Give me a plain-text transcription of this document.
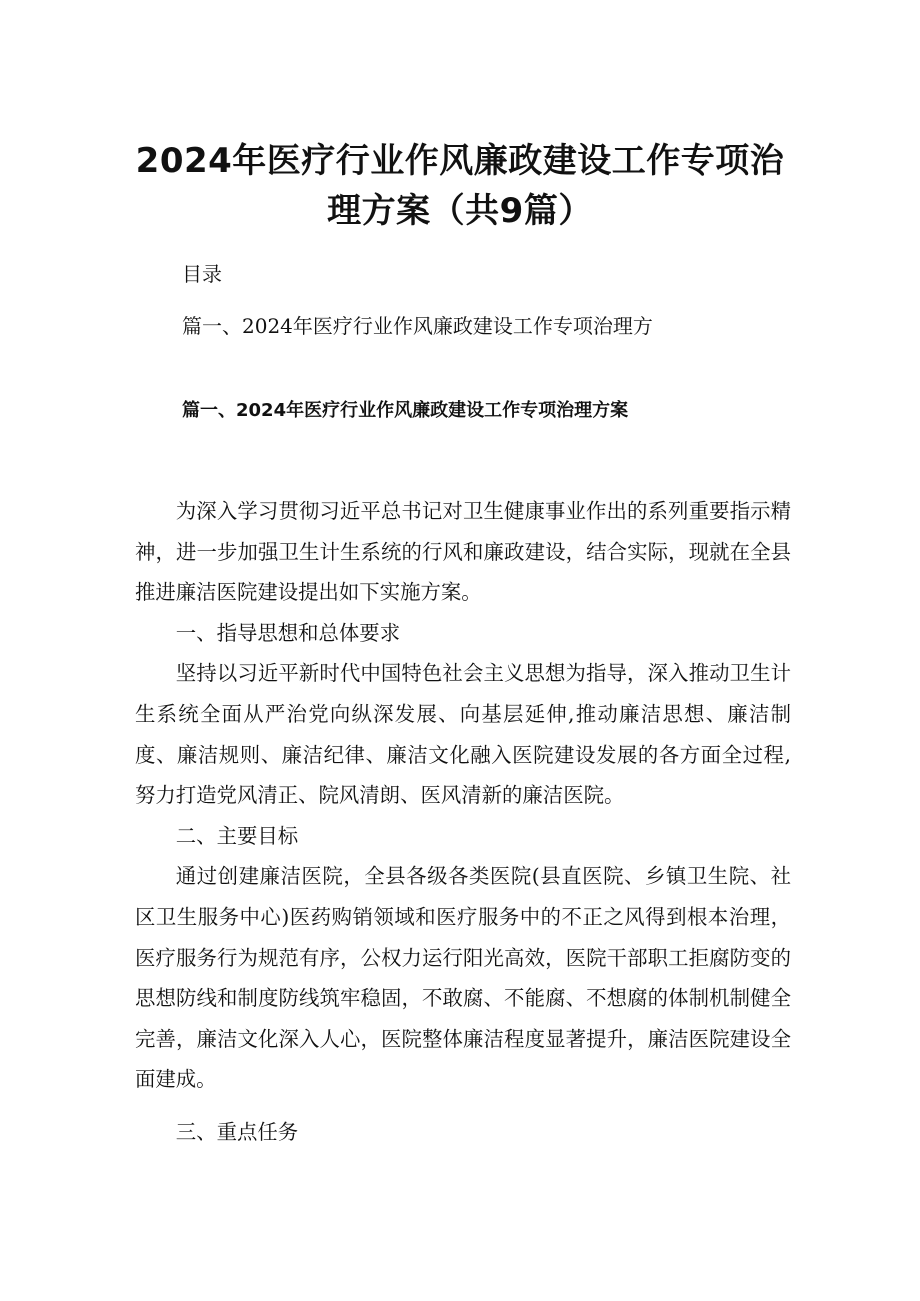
2024年医疗行业作风廉政建设工作专项治
理方案（共9篇）
目录
篇一、2024年医疗行业作风廉政建设工作专项治理方
篇一、2024年医疗行业作风廉政建设工作专项治理方案

为深入学习贯彻习近平总书记对卫生健康事业作出的系列重要指示精神，进一步加强卫生计生系统的行风和廉政建设，结合实际，现就在全县推进廉洁医院建设提出如下实施方案。

一、指导思想和总体要求

坚持以习近平新时代中国特色社会主义思想为指导，深入推动卫生计生系统全面从严治党向纵深发展、向基层延伸,推动廉洁思想、廉洁制度、廉洁规则、廉洁纪律、廉洁文化融入医院建设发展的各方面全过程,努力打造党风清正、院风清朗、医风清新的廉洁医院。

二、主要目标

通过创建廉洁医院，全县各级各类医院(县直医院、乡镇卫生院、社区卫生服务中心)医药购销领域和医疗服务中的不正之风得到根本治理，医疗服务行为规范有序，公权力运行阳光高效，医院干部职工拒腐防变的思想防线和制度防线筑牢稳固，不敢腐、不能腐、不想腐的体制机制健全完善，廉洁文化深入人心，医院整体廉洁程度显著提升，廉洁医院建设全面建成。

三、重点任务
